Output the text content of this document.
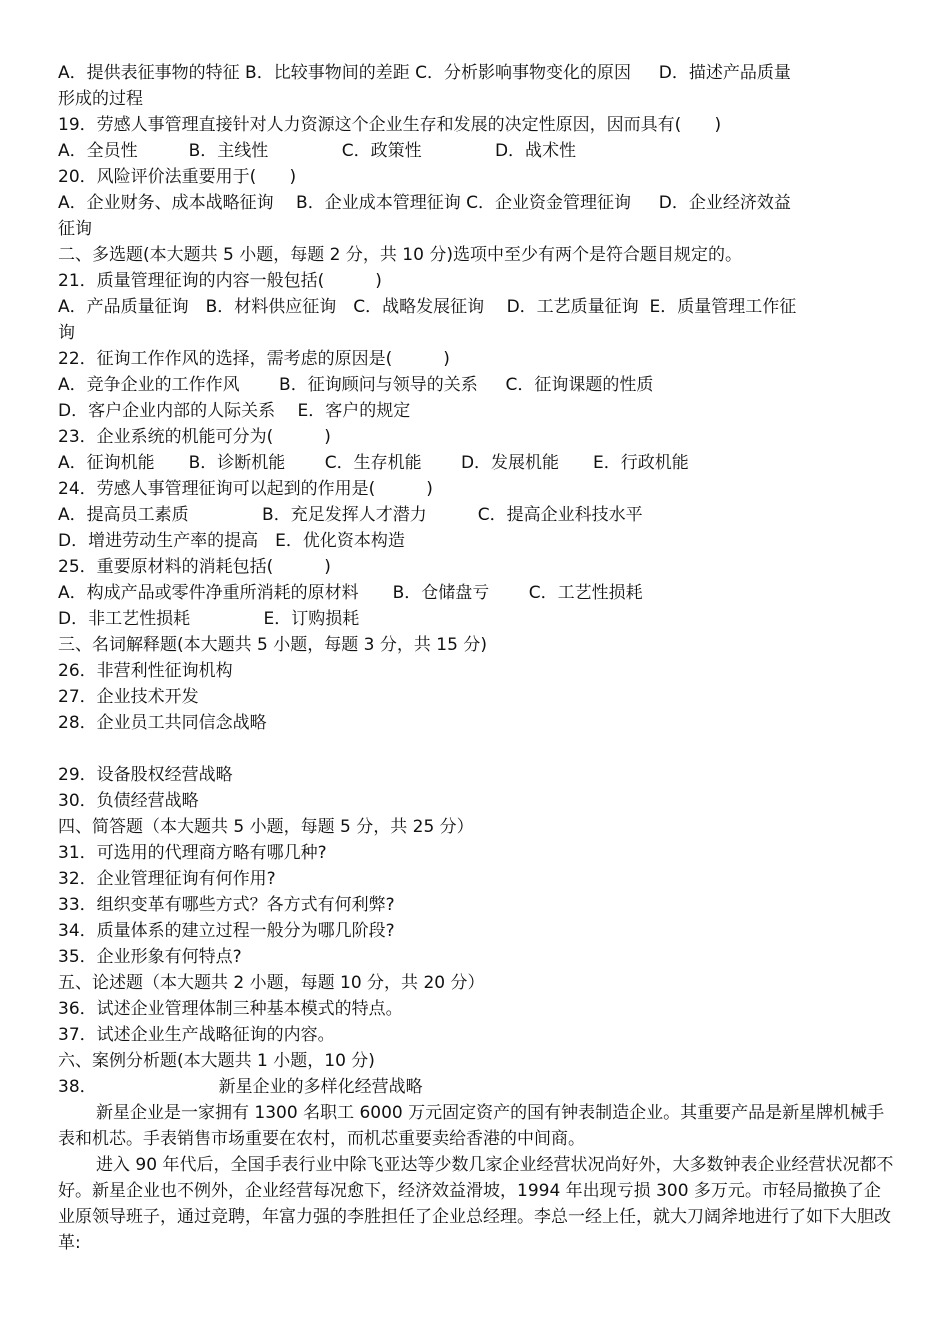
A．提供表征事物的特征 B．比较事物间的差距 C．分析影响事物变化的原因　  D．描述产品质量
形成的过程
19．劳感人事管理直接针对人力资源这个企业生存和发展的决定性原因，因而具有(　   )
A．全员性　　　B．主线性　　　　 C．政策性　　　　 D．战术性
20．风险评价法重要用于(　   )
A．企业财务、成本战略征询　 B．企业成本管理征询 C．企业资金管理征询　  D．企业经济效益
征询
二、多选题(本大题共 5 小题，每题 2 分，共 10 分)选项中至少有两个是符合题目规定的。
21．质量管理征询的内容一般包括(　　　)
A．产品质量征询　B．材料供应征询　C．战略发展征询　 D．工艺质量征询  E．质量管理工作征
询
22．征询工作作风的选择，需考虑的原因是(　　　)
A．竞争企业的工作作风　　 B．征询顾问与领导的关系　  C．征询课题的性质
D．客户企业内部的人际关系　 E．客户的规定
23．企业系统的机能可分为(　　　)
A．征询机能　　B．诊断机能　　 C．生存机能　　 D．发展机能　　E．行政机能
24．劳感人事管理征询可以起到的作用是(　　　)
A．提高员工素质　　　　 B．充足发挥人才潜力　　　C．提高企业科技水平
D．增进劳动生产率的提高　E．优化资本构造
25．重要原材料的消耗包括(　　　)
A．构成产品或零件净重所消耗的原材料　　B．仓储盘亏　　 C．工艺性损耗
D．非工艺性损耗　　　　 E．订购损耗
三、名词解释题(本大题共 5 小题，每题 3 分，共 15 分)
26．非营利性征询机构
27．企业技术开发
28．企业员工共同信念战略
29．设备股权经营战略
30．负债经营战略
四、简答题（本大题共 5 小题，每题 5 分，共 25 分）
31．可选用的代理商方略有哪几种?
32．企业管理征询有何作用?
33．组织变革有哪些方式？各方式有何利弊?
34．质量体系的建立过程一般分为哪几阶段?
35．企业形象有何特点?
五、论述题（本大题共 2 小题，每题 10 分，共 20 分）
36．试述企业管理体制三种基本模式的特点。
37．试述企业生产战略征询的内容。
六、案例分析题(本大题共 1 小题，10 分)
38．	新星企业的多样化经营战略
新星企业是一家拥有 1300 名职工 6000 万元固定资产的国有钟表制造企业。其重要产品是新星牌机械手表和机芯。手表销售市场重要在农村，而机芯重要卖给香港的中间商。
进入 90 年代后，全国手表行业中除飞亚达等少数几家企业经营状况尚好外，大多数钟表企业经营状况都不好。新星企业也不例外，企业经营每况愈下，经济效益滑坡，1994 年出现亏损 300 多万元。市轻局撤换了企业原领导班子，通过竞聘，年富力强的李胜担任了企业总经理。李总一经上任，就大刀阔斧地进行了如下大胆改革:
